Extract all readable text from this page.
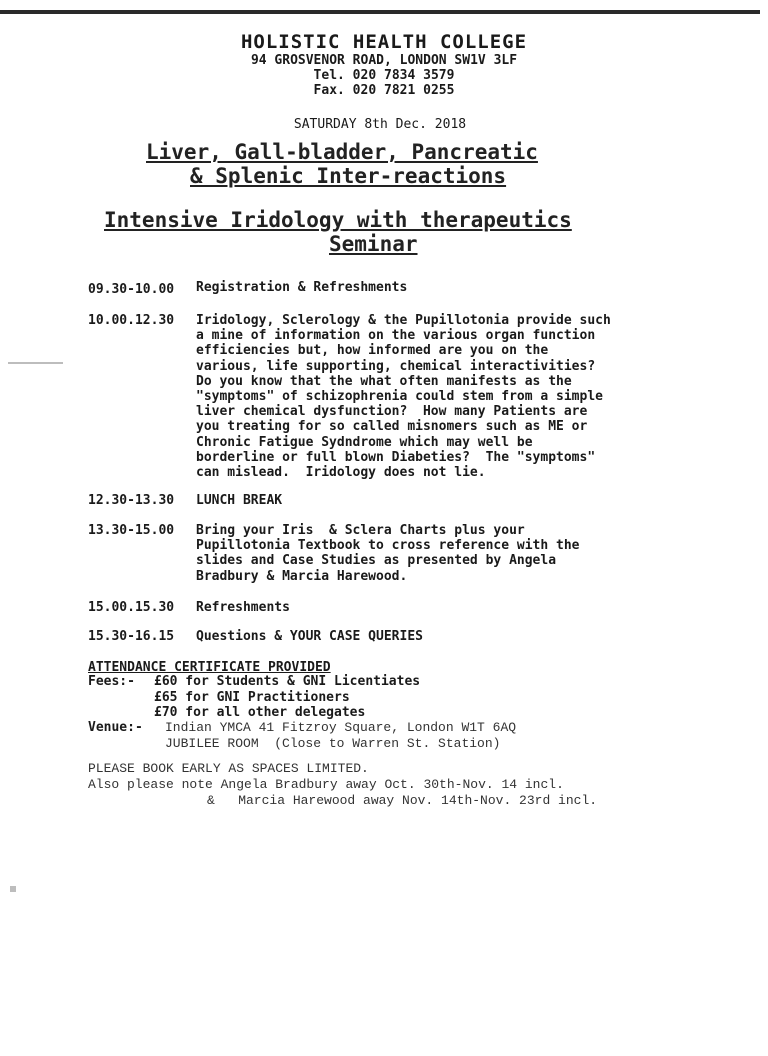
HOLISTIC HEALTH COLLEGE
94 GROSVENOR ROAD, LONDON SW1V 3LF
Tel. 020 7834 3579
Fax. 020 7821 0255
SATURDAY 8th Dec. 2018
Liver, Gall-bladder, Pancreatic
& Splenic Inter-reactions
Intensive Iridology with therapeutics
Seminar
09.30-10.00 Registration & Refreshments
10.00.12.30 Iridology, Sclerology & the Pupillotonia provide such
a mine of information on the various organ function
efficiencies but, how informed are you on the
various, life supporting, chemical interactivities?
Do you know that the what often manifests as the
"symptoms" of schizophrenia could stem from a simple
liver chemical dysfunction?  How many Patients are
you treating for so called misnomers such as ME or
Chronic Fatigue Sydndrome which may well be
borderline or full blown Diabeties?  The "symptoms"
can mislead.  Iridology does not lie.
12.30-13.30 LUNCH BREAK
13.30-15.00 Bring your Iris  & Sclera Charts plus your
Pupillotonia Textbook to cross reference with the
slides and Case Studies as presented by Angela
Bradbury & Marcia Harewood.
15.00.15.30 Refreshments
15.30-16.15 Questions & YOUR CASE QUERIES
ATTENDANCE CERTIFICATE PROVIDED
Fees:- £60 for Students & GNI Licentiates
£65 for GNI Practitioners
£70 for all other delegates
Venue:- Indian YMCA 41 Fitzroy Square, London W1T 6AQ
JUBILEE ROOM  (Close to Warren St. Station)
PLEASE BOOK EARLY AS SPACES LIMITED.
Also please note Angela Bradbury away Oct. 30th-Nov. 14 incl.
&   Marcia Harewood away Nov. 14th-Nov. 23rd incl.
